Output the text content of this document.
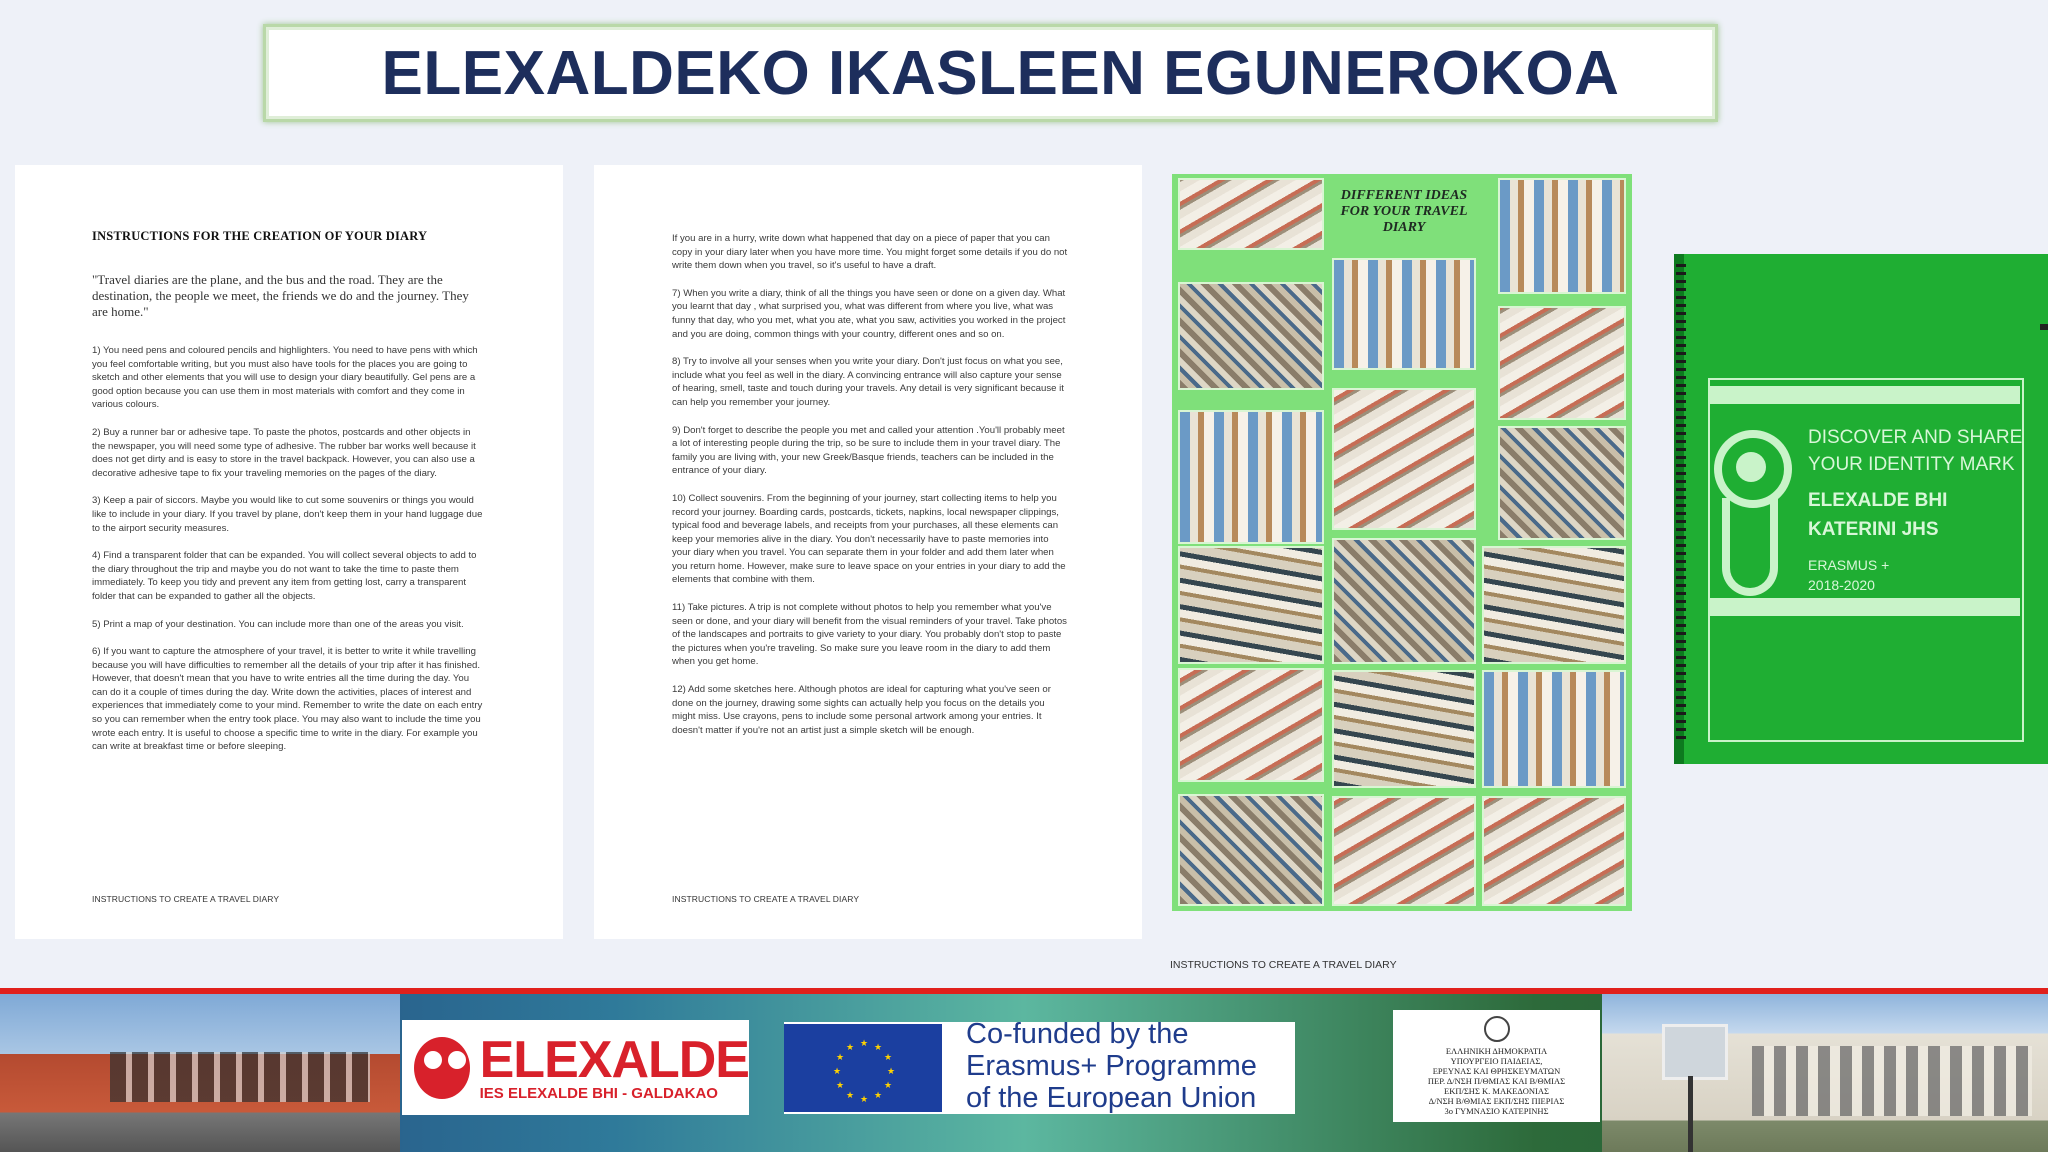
ELEXALDEKO IKASLEEN EGUNEROKOA
INSTRUCTIONS FOR THE CREATION OF YOUR DIARY
"Travel diaries are the plane, and the bus and the road. They are the destination, the people we meet, the friends we do and the journey. They are home."

1) You need pens and coloured pencils and highlighters. You need to have pens with which you feel comfortable writing, but you must also have tools for the places you are going to sketch and other elements that you will use to design your diary beautifully. Gel pens are a good option because you can use them in most materials with comfort and they come in various colours.

2) Buy a runner bar or adhesive tape. To paste the photos, postcards and other objects in the newspaper, you will need some type of adhesive. The rubber bar works well because it does not get dirty and is easy to store in the travel backpack. However, you can also use a decorative adhesive tape to fix your traveling memories on the pages of the diary.

3) Keep a pair of siccors. Maybe you would like to cut some souvenirs or things you would like to include in your diary. If you travel by plane, don't keep them in your hand luggage due to the airport security measures.

4) Find a transparent folder that can be expanded. You will collect several objects to add to the diary throughout the trip and maybe you do not want to take the time to paste them immediately. To keep you tidy and prevent any item from getting lost, carry a transparent folder that can be expanded to gather all the objects.

5) Print a map of your destination. You can include more than one of the areas you visit.

6) If you want to capture the atmosphere of your travel, it is better to write it while travelling because you will have difficulties to remember all the details of your trip after it has finished. However, that doesn't mean that you have to write entries all the time during the day. You can do it a couple of times during the day. Write down the activities, places of interest and experiences that immediately come to your mind. Remember to write the date on each entry so you can remember when the entry took place. You may also want to include the time you wrote each entry. It is useful to choose a specific time to write in the diary. For example you can write at breakfast time or before sleeping.

INSTRUCTIONS TO CREATE A TRAVEL DIARY

If you are in a hurry, write down what happened that day on a piece of paper that you can copy in your diary later when you have more time. You might forget some details if you do not write them down when you travel, so it's useful to have a draft.

7) When you write a diary, think of all the things you have seen or done on a given day. What you learnt that day , what surprised you, what was different from where you live, what was funny that day, who you met, what you ate, what you saw, activities you worked in the project and you are doing, common things with your country, different ones and so on.

8) Try to involve all your senses when you write your diary. Don't just focus on what you see, include what you feel as well in the diary. A convincing entrance will also capture your sense of hearing, smell, taste and touch during your travels. Any detail is very significant because it can help you remember your journey.

9) Don't forget to describe the people you met and called your attention .You'll probably meet a lot of interesting people during the trip, so be sure to include them in your travel diary. The family you are living with, your new Greek/Basque friends, teachers can be included in the entrance of your diary.

10) Collect souvenirs. From the beginning of your journey, start collecting items to help you record your journey. Boarding cards, postcards, tickets, napkins, local newspaper clippings, typical food and beverage labels, and receipts from your purchases, all these elements can keep your memories alive in the diary. You don't necessarily have to paste memories into your diary when you travel. You can separate them in your folder and add them later when you return home. However, make sure to leave space on your entries in your diary to add the elements that combine with them.

11) Take pictures. A trip is not complete without photos to help you remember what you've seen or done, and your diary will benefit from the visual reminders of your travel. Take photos of the landscapes and portraits to give variety to your diary. You probably don't stop to paste the pictures when you're traveling. So make sure you leave room in the diary to add them when you get home.

12) Add some sketches here. Although photos are ideal for capturing what you've seen or done on the journey, drawing some sights can actually help you focus on the details you might miss. Use crayons, pens to include some personal artwork among your entries. It doesn't matter if you're not an artist just a simple sketch will be enough.

INSTRUCTIONS TO CREATE A TRAVEL DIARY
DIFFERENT IDEAS FOR YOUR TRAVEL DIARY
INSTRUCTIONS TO CREATE A TRAVEL DIARY
DISCOVER AND SHARE
YOUR IDENTITY MARK
ELEXALDE BHI
KATERINI JHS
ERASMUS +
2018-2020
ELEXALDE
IES ELEXALDE BHI - GALDAKAO
★ ★
★
★
★
★
★
★
★
★
★
★	Co-funded by the
Erasmus+ Programme
of the European Union
ΕΛΛΗΝΙΚΗ ΔΗΜΟΚΡΑΤΙΑ
ΥΠΟΥΡΓΕΙΟ ΠΑΙΔΕΙΑΣ,
ΕΡΕΥΝΑΣ ΚΑΙ ΘΡΗΣΚΕΥΜΑΤΩΝ
ΠΕΡ. Δ/ΝΣΗ Π/ΘΜΙΑΣ ΚΑΙ Β/ΘΜΙΑΣ
ΕΚΠ/ΣΗΣ Κ. ΜΑΚΕΔΟΝΙΑΣ
Δ/ΝΣΗ Β/ΘΜΙΑΣ ΕΚΠ/ΣΗΣ ΠΙΕΡΙΑΣ
3ο ΓΥΜΝΑΣΙΟ ΚΑΤΕΡΙΝΗΣ
